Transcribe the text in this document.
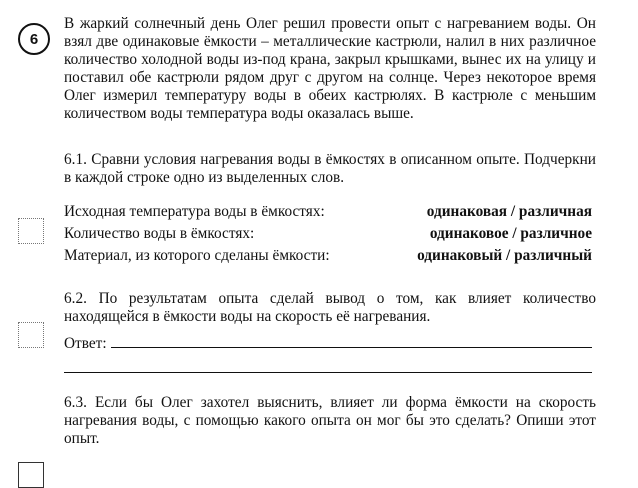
6

В жаркий солнечный день Олег решил провести опыт с нагреванием воды. Он взял две одинаковые ёмкости – металлические кастрюли, налил в них различное количество холодной воды из-под крана, закрыл крышками, вынес их на улицу и поставил обе кастрюли рядом друг с другом на солнце. Через некоторое время Олег измерил температуру воды в обеих кастрюлях. В кастрюле с меньшим количеством воды температура воды оказалась выше.

6.1. Сравни условия нагревания воды в ёмкостях в описанном опыте. Подчеркни в каждой строке одно из выделенных слов.

Исходная температура воды в ёмкостях:	одинаковая / различная
Количество воды в ёмкостях:	одинаковое / различное
Материал, из которого сделаны ёмкости:	одинаковый / различный

6.2. По результатам опыта сделай вывод о том, как влияет количество находящейся в ёмкости воды на скорость её нагревания.

Ответ:

6.3. Если бы Олег захотел выяснить, влияет ли форма ёмкости на скорость нагревания воды, с помощью какого опыта он мог бы это сделать? Опиши этот опыт.
